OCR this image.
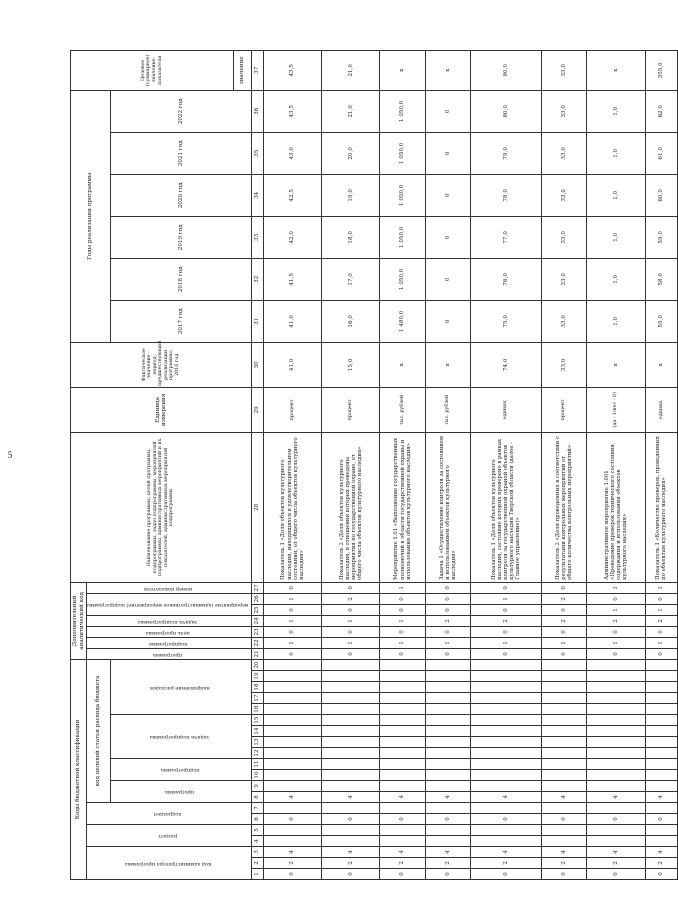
5
Коды бюджетной классификации																				Дополнительный аналитический код							Наименование программы, целей программы, подпрограммы, задач подпрограммы, мероприятий подпрограммы, административных мероприятий и их показателей, административных мероприятий подпрограммы	Единица измерения	Фактическое значение - период, предшествующий реализации программы, 2016 год	Годы реализации программы						Целевое (суммарное) значение показателя
код администратора программы			раздел		подраздел		код целевой статьи расхода бюджета													программа	подпрограмма	цель программы	задача подпрограммы	мероприятие (административное мероприятие) подпрограммы		номер показателя										
							программа		подпрограмма		задача подпрограммы				направление расходов															2017 год	2018 год	2019 год	2020 год	2021 год	2022 год	
																																				значение
1	2	3	4	5	6	7	8	9	10	11	12	13	14	15	16	17	18	19	20	21	22	23	24	25	26	27	28	29	30	31	32	33	34	35	36	37
0	2	4			0		4													0	1	0	1	0	1	0	Показатель 1 «Доля объектов культурного наследия, находящихся в удовлетворительном состоянии, от общего числа объектов культурного наследия»	процент	41,0	41,0	41,5	42,0	42,5	43,0	43,5	43,5
0	2	4			0		4													0	1	0	1	0	2	0	Показатель 2 «Доля объектов культурного наследия, в отношении которых проведены мероприятия по государственной охране, от общего числа объектов культурного наследия»	процент	15,0	16,0	17,0	18,0	19,0	20,0	21,0	21,0
0	2	4			0		4													0	1	0	1	0	0	1	Мероприятие 1.01 «Выполнение государственных полномочий в области государственной охраны и использования объектов культурного наследия»	тыс. рублей	х	1 480,0	1 050,0	1 050,0	1 050,0	1 050,0	1 050,0	х
0	2	4			0		4													0	1	0	2	0	0	0	Задача 1 «Осуществление контроля за состоянием и использованием объектов культурного наследия»	тыс. рублей	х	0	0	0	0	0	0	х
0	2	4			0		4													0	1	0	2	0	1	0	Показатель 1 «Доля объектов культурного наследия, состояние которых проверено в рамках контроля за государственной охраной объектов культурного наследия Тверской области (далее - Главное управление)»	единиц	74,0	75,0	76,0	77,0	78,0	79,0	80,0	80,0
0	2	4			0		4													0	1	0	2	0	2	0	Показатель 2 «Доля проведенных в соответствии с результатами контрольных мероприятий от общего количества контрольных мероприятий»	процент	33,0	33,0	33,0	33,0	33,0	33,0	33,0	33,0
0	2	4			0		4													0	1	0	2	1	0	1	Административное мероприятие 1.001 «Проведение проверок технического состояния, содержания и использования объектов культурного наследия»	(да - 1/нет - 0)	х	1,0	1,0	1,0	1,0	1,0	1,0	х
0	2	4			0		4													0	1	0	2	1	0	1	Показатель 1 «Количество проверок, проведенных по объектам культурного наследия»	единиц	х	55,0	58,0	59,0	60,0	61,0	62,0	355,0
